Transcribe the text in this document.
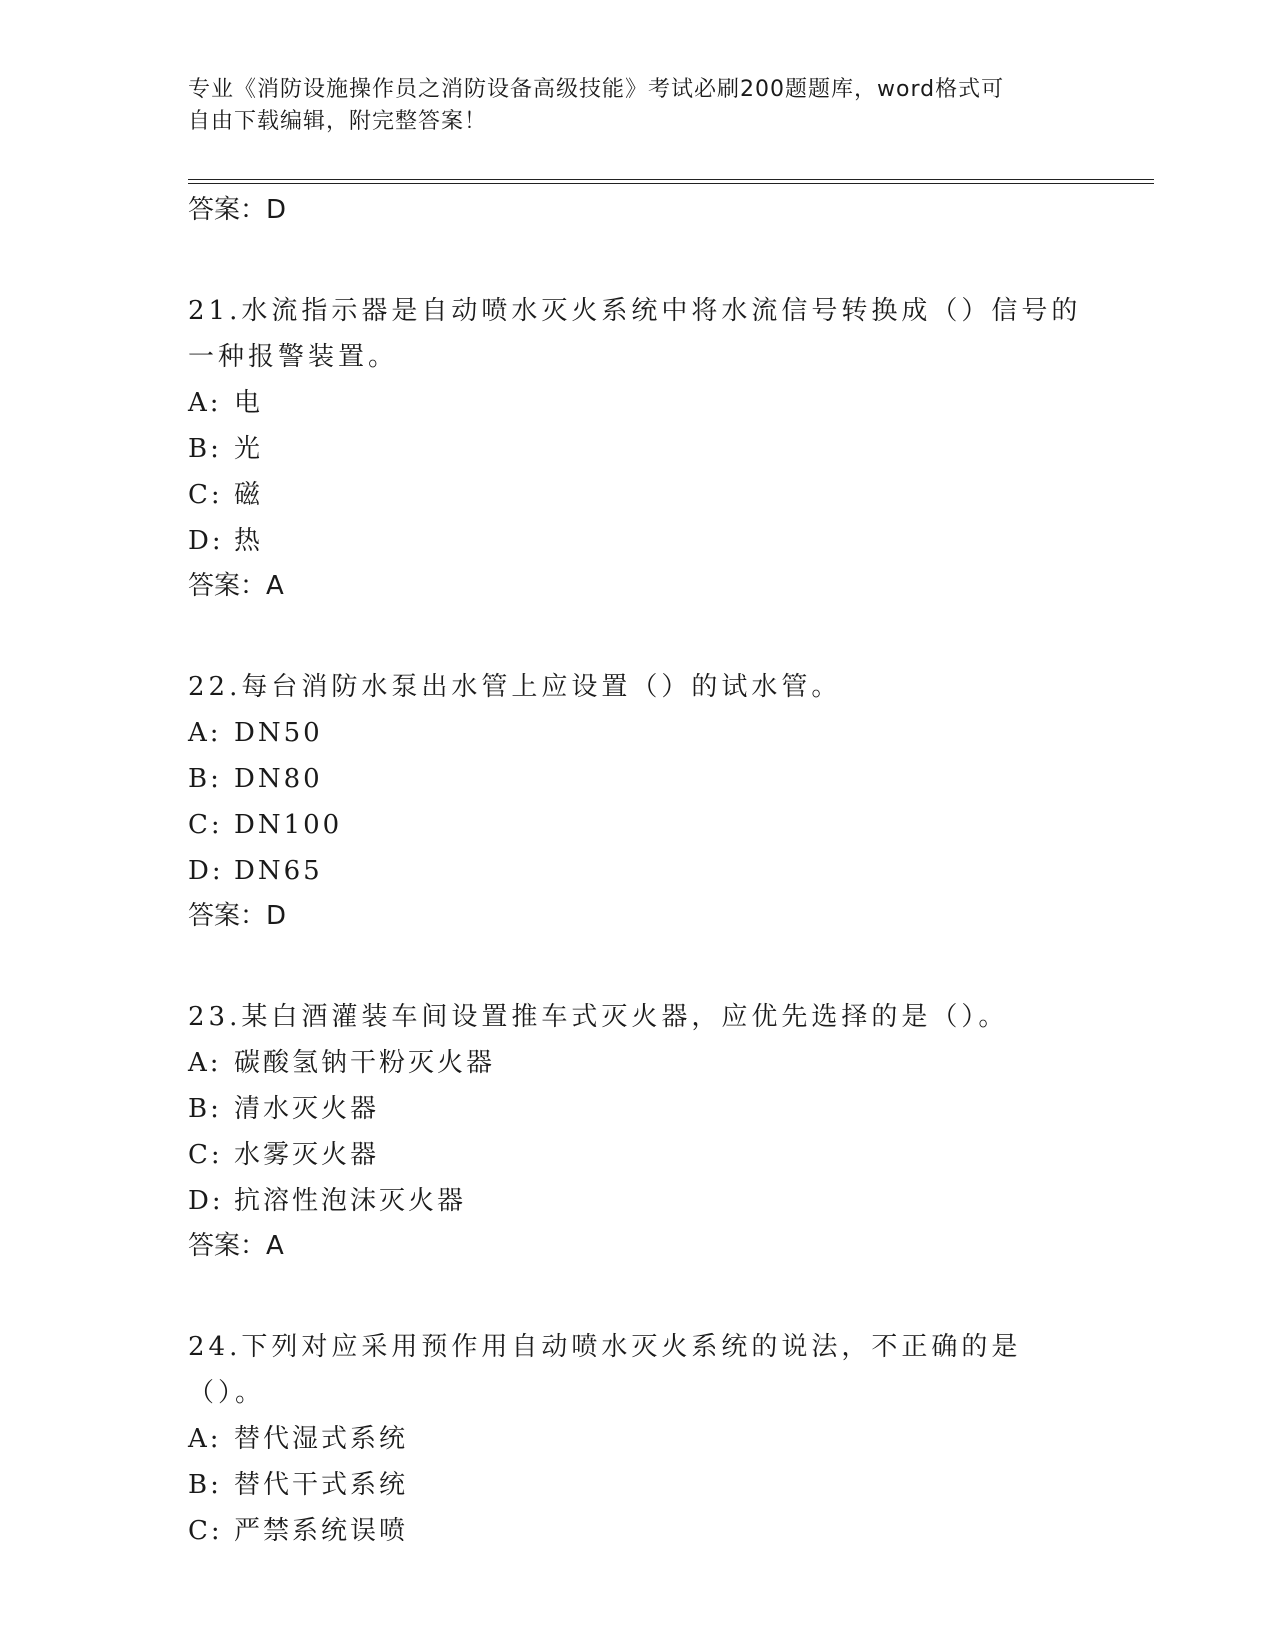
专业《消防设施操作员之消防设备高级技能》考试必刷200题题库，word格式可
自由下载编辑，附完整答案！
答案：D
21.水流指示器是自动喷水灭火系统中将水流信号转换成（）信号的一种报警装置。
A: 电
B: 光
C: 磁
D: 热
答案：A
22.每台消防水泵出水管上应设置（）的试水管。
A: DN50
B: DN80
C: DN100
D: DN65
答案：D
23.某白酒灌装车间设置推车式灭火器，应优先选择的是（）。
A: 碳酸氢钠干粉灭火器
B: 清水灭火器
C: 水雾灭火器
D: 抗溶性泡沫灭火器
答案：A
24.下列对应采用预作用自动喷水灭火系统的说法，不正确的是（）。
A: 替代湿式系统
B: 替代干式系统
C: 严禁系统误喷
